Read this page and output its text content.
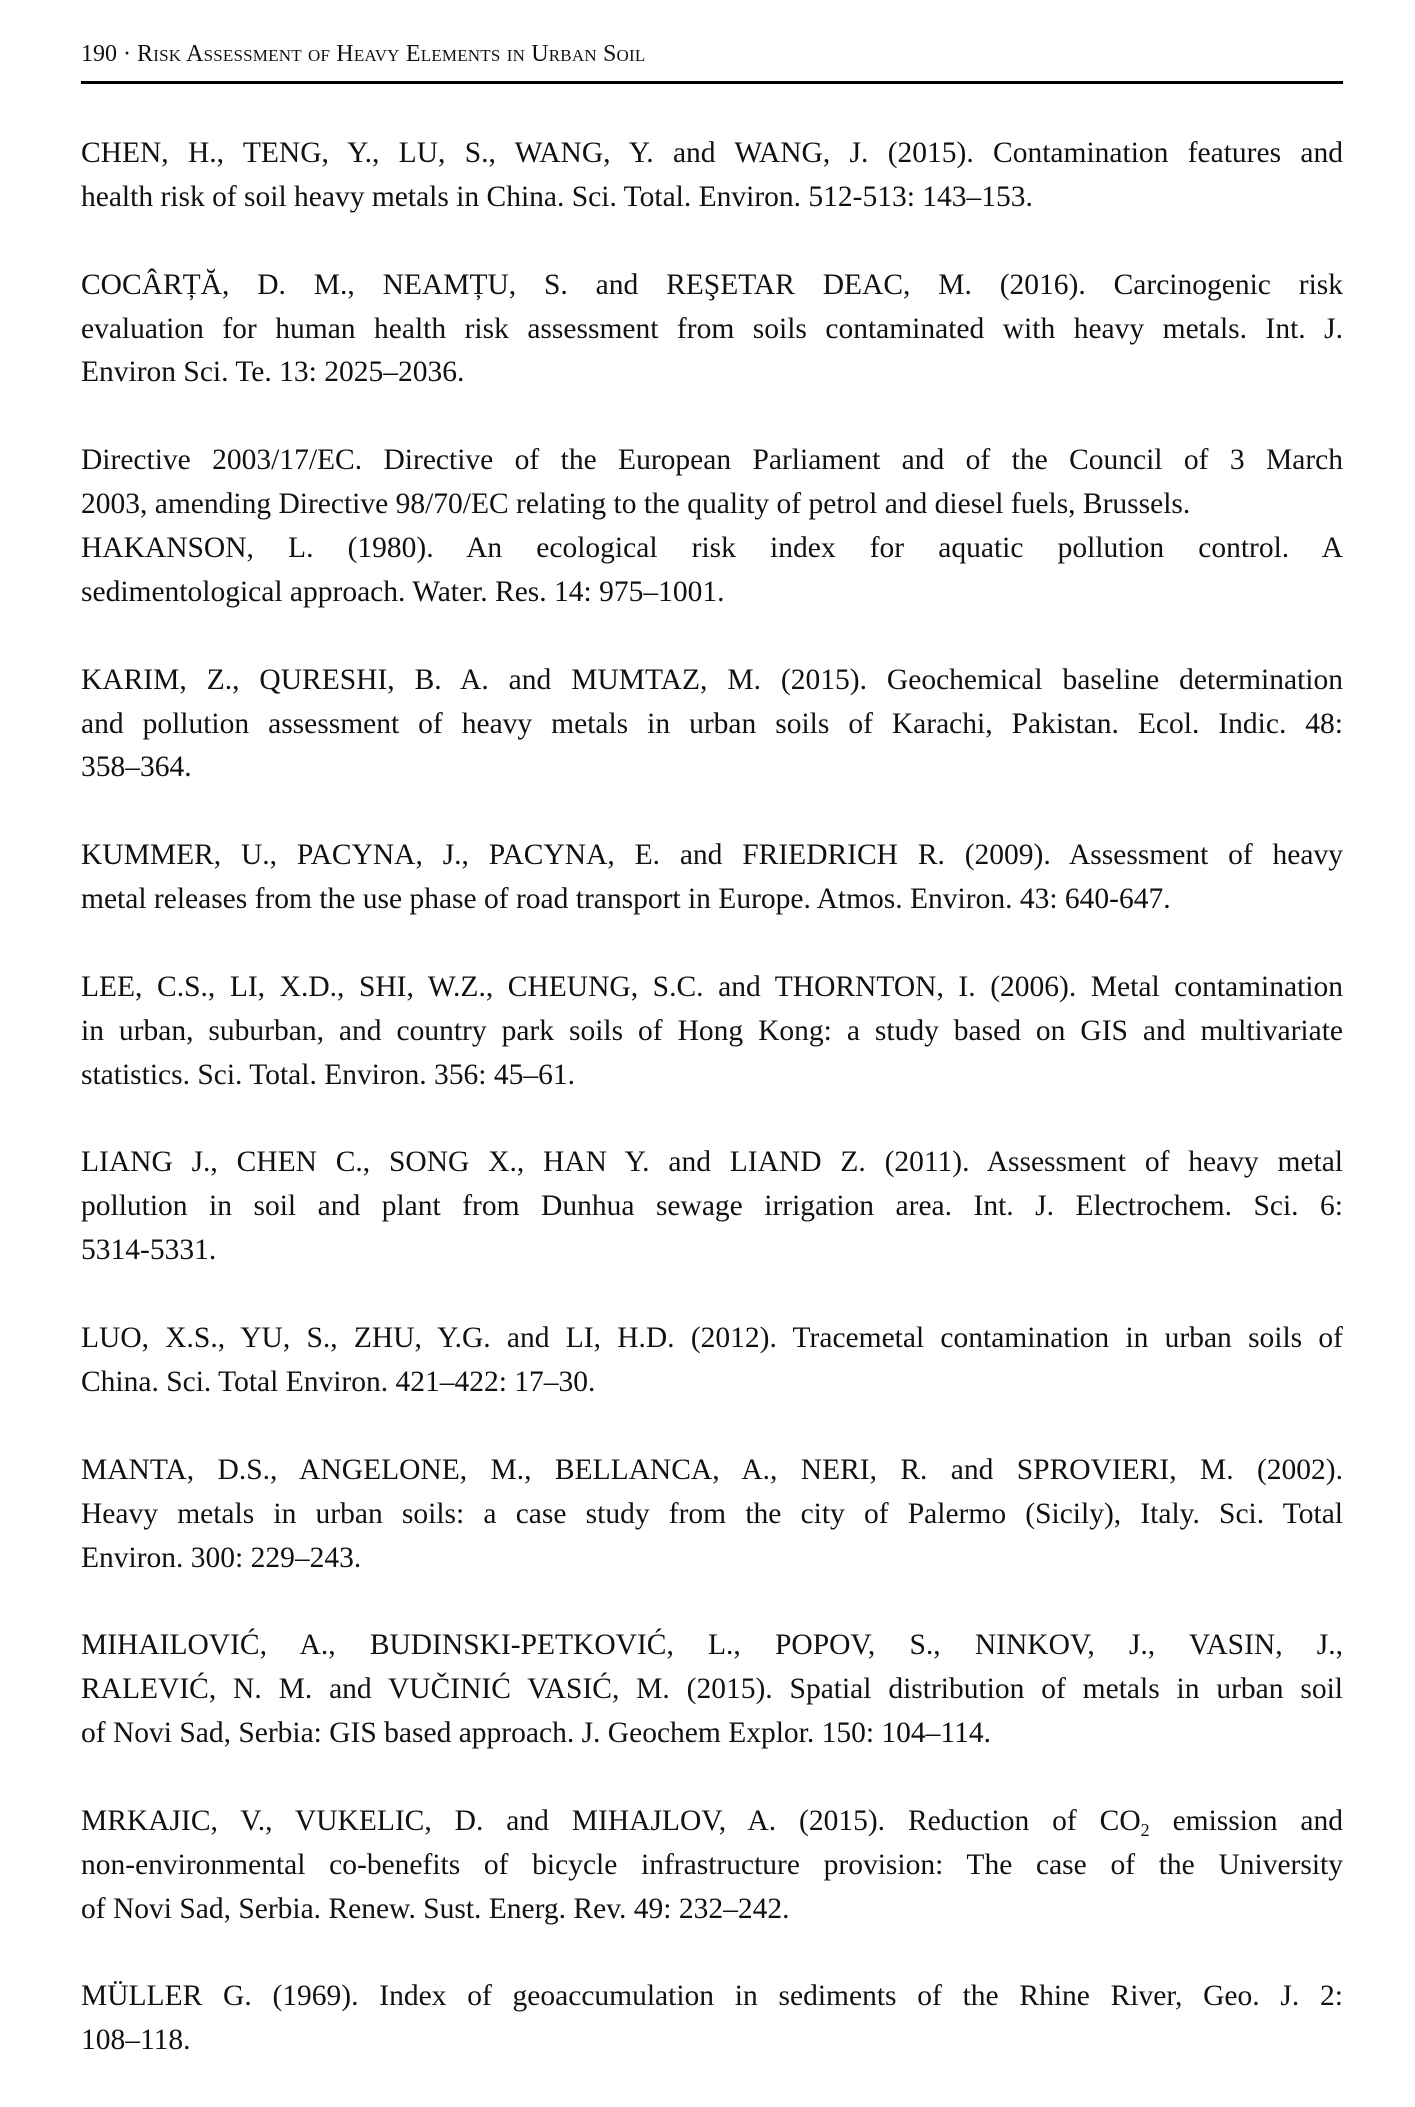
190 · Risk Assessment of Heavy Elements in Urban Soil
CHEN, H., TENG, Y., LU, S., WANG, Y. and WANG, J. (2015). Contamination features and
health risk of soil heavy metals in China. Sci. Total. Environ. 512-513: 143–153.
COCÂRȚĂ, D. M., NEAMȚU, S. and REŞETAR DEAC, M. (2016). Carcinogenic risk
evaluation for human health risk assessment from soils contaminated with heavy metals. Int. J.
Environ Sci. Te. 13: 2025–2036.
Directive 2003/17/EC. Directive of the European Parliament and of the Council of 3 March
2003, amending Directive 98/70/EC relating to the quality of petrol and diesel fuels, Brussels.
HAKANSON, L. (1980). An ecological risk index for aquatic pollution control. A
sedimentological approach. Water. Res. 14: 975–1001.
KARIM, Z., QURESHI, B. A. and MUMTAZ, M. (2015). Geochemical baseline determination
and pollution assessment of heavy metals in urban soils of Karachi, Pakistan. Ecol. Indic. 48:
358–364.
KUMMER, U., PACYNA, J., PACYNA, E. and FRIEDRICH R. (2009). Assessment of heavy
metal releases from the use phase of road transport in Europe. Atmos. Environ. 43: 640-647.
LEE, C.S., LI, X.D., SHI, W.Z., CHEUNG, S.C. and THORNTON, I. (2006). Metal contamination
in urban, suburban, and country park soils of Hong Kong: a study based on GIS and multivariate
statistics. Sci. Total. Environ. 356: 45–61.
LIANG J., CHEN C., SONG X., HAN Y. and LIAND Z. (2011). Assessment of heavy metal
pollution in soil and plant from Dunhua sewage irrigation area. Int. J. Electrochem. Sci. 6:
5314-5331.
LUO, X.S., YU, S., ZHU, Y.G. and LI, H.D. (2012). Tracemetal contamination in urban soils of
China. Sci. Total Environ. 421–422: 17–30.
MANTA, D.S., ANGELONE, M., BELLANCA, A., NERI, R. and SPROVIERI, M. (2002).
Heavy metals in urban soils: a case study from the city of Palermo (Sicily), Italy. Sci. Total
Environ. 300: 229–243.
MIHAILOVIĆ, A., BUDINSKI-PETKOVIĆ, L., POPOV, S., NINKOV, J., VASIN, J.,
RALEVIĆ, N. M. and VUČINIĆ VASIĆ, M. (2015). Spatial distribution of metals in urban soil
of Novi Sad, Serbia: GIS based approach. J. Geochem Explor. 150: 104–114.
MRKAJIC, V., VUKELIC, D. and MIHAJLOV, A. (2015). Reduction of $CO_2$ emission and
non-environmental co-benefits of bicycle infrastructure provision: The case of the University
of Novi Sad, Serbia. Renew. Sust. Energ. Rev. 49: 232–242.
MÜLLER G. (1969). Index of geoaccumulation in sediments of the Rhine River, Geo. J. 2:
108–118.
